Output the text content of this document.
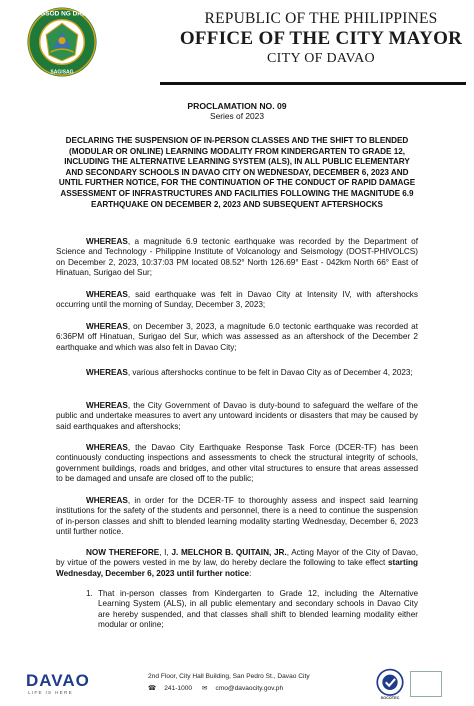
LUNGSOD NG DABAW
SAGISAG
REPUBLIC OF THE PHILIPPINES
OFFICE OF THE CITY MAYOR
CITY OF DAVAO
PROCLAMATION NO. 09
Series of 2023
DECLARING THE SUSPENSION OF IN-PERSON CLASSES AND THE SHIFT TO BLENDED (MODULAR OR ONLINE) LEARNING MODALITY FROM KINDERGARTEN TO GRADE 12, INCLUDING THE ALTERNATIVE LEARNING SYSTEM (ALS), IN ALL PUBLIC ELEMENTARY AND SECONDARY SCHOOLS IN DAVAO CITY ON WEDNESDAY, DECEMBER 6, 2023 AND UNTIL FURTHER NOTICE, FOR THE CONTINUATION OF THE CONDUCT OF RAPID DAMAGE ASSESSMENT OF INFRASTRUCTURES AND FACILITIES FOLLOWING THE MAGNITUDE 6.9 EARTHQUAKE ON DECEMBER 2, 2023 AND SUBSEQUENT AFTERSHOCKS
WHEREAS, a magnitude 6.9 tectonic earthquake was recorded by the Department of Science and Technology - Philippine Institute of Volcanology and Seismology (DOST-PHIVOLCS) on December 2, 2023, 10:37:03 PM located 08.52° North 126.69° East - 042km North 66° East of Hinatuan, Surigao del Sur;
WHEREAS, said earthquake was felt in Davao City at Intensity IV, with aftershocks occurring until the morning of Sunday, December 3, 2023;
WHEREAS, on December 3, 2023, a magnitude 6.0 tectonic earthquake was recorded at 6:36PM off Hinatuan, Surigao del Sur, which was assessed as an aftershock of the December 2 earthquake and which was also felt in Davao City;
WHEREAS, various aftershocks continue to be felt in Davao City as of December 4, 2023;
WHEREAS, the City Government of Davao is duty-bound to safeguard the welfare of the public and undertake measures to avert any untoward incidents or disasters that may be caused by said earthquakes and aftershocks;
WHEREAS, the Davao City Earthquake Response Task Force (DCER-TF) has been continuously conducting inspections and assessments to check the structural integrity of schools, government buildings, roads and bridges, and other vital structures to ensure that areas assessed to be damaged and unsafe are closed off to the public;
WHEREAS, in order for the DCER-TF to thoroughly assess and inspect said learning institutions for the safety of the students and personnel, there is a need to continue the suspension of in-person classes and shift to blended learning modality starting Wednesday, December 6, 2023 until further notice.
NOW THEREFORE, I, J. MELCHOR B. QUITAIN, JR., Acting Mayor of the City of Davao, by virtue of the powers vested in me by law, do hereby declare the following to take effect starting Wednesday, December 6, 2023 until further notice:
1. That in-person classes from Kindergarten to Grade 12, including the Alternative Learning System (ALS), in all public elementary and secondary schools in Davao City are hereby suspended, and that classes shall shift to blended learning modality either modular or online;
DAVAO
LIFE IS HERE
2nd Floor, City Hall Building, San Pedro St., Davao City
☎ 241-1000 ✉ cmo@davaocity.gov.ph
SOCOTEC
